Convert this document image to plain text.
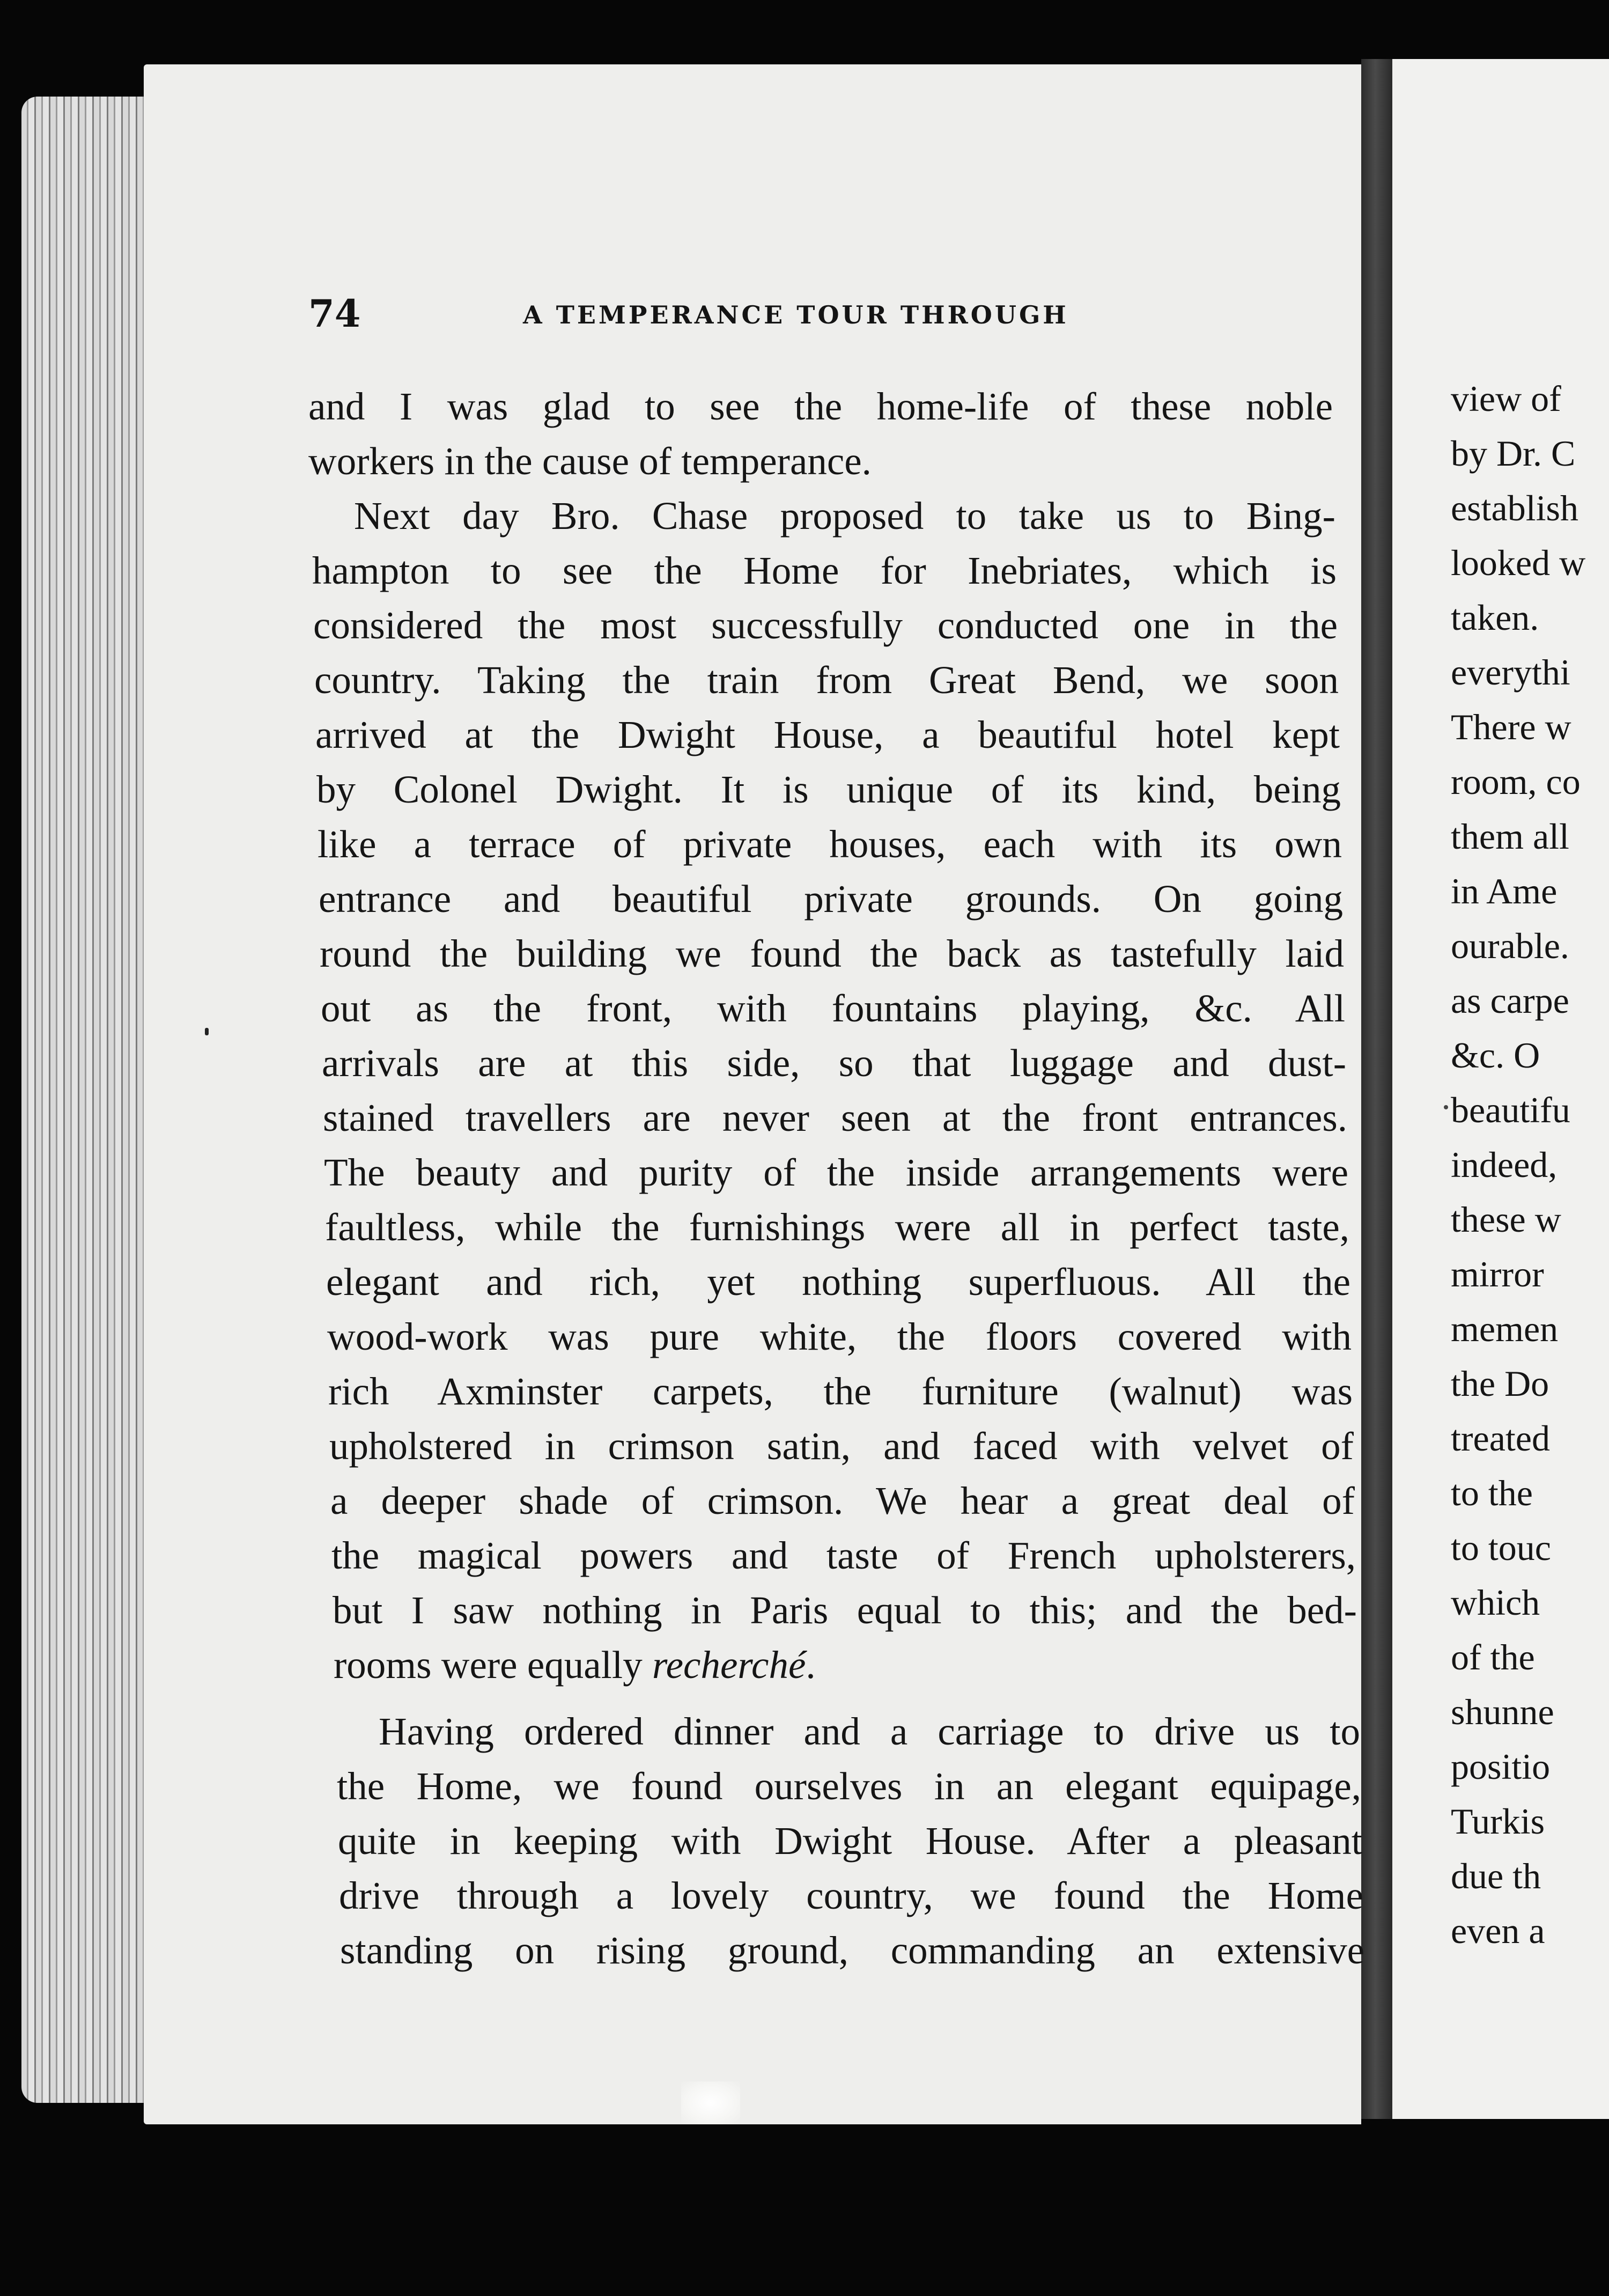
74	A TEMPERANCE TOUR THROUGH
and I was glad to see the home-life of these noble
workers in the cause of temperance.
Next day Bro. Chase proposed to take us to Bing-
hampton to see the Home for Inebriates, which is
considered the most successfully conducted one in the
country. Taking the train from Great Bend, we soon
arrived at the Dwight House, a beautiful hotel kept
by Colonel Dwight. It is unique of its kind, being
like a terrace of private houses, each with its own
entrance and beautiful private grounds. On going
round the building we found the back as tastefully laid
out as the front, with fountains playing, &c. All
arrivals are at this side, so that luggage and dust-
stained travellers are never seen at the front entrances.
The beauty and purity of the inside arrangements were
faultless, while the furnishings were all in perfect taste,
elegant and rich, yet nothing superfluous. All the
wood-work was pure white, the floors covered with
rich Axminster carpets, the furniture (walnut) was
upholstered in crimson satin, and faced with velvet of
a deeper shade of crimson. We hear a great deal of
the magical powers and taste of French upholsterers,
but I saw nothing in Paris equal to this; and the bed-
rooms were equally recherché.
Having ordered dinner and a carriage to drive us to
the Home, we found ourselves in an elegant equipage,
quite in keeping with Dwight House. After a pleasant
drive through a lovely country, we found the Home
standing on rising ground, commanding an extensive
view of
by Dr. C
establish
looked w
taken.
everythi
There w
room, co
them all
in Ame
ourable.
as carpe
&c. O
beautifu
indeed,
these w
mirror
memen
the Do
treated
to the
to touc
which
of the
shunne
positio
Turkis
due th
even a
